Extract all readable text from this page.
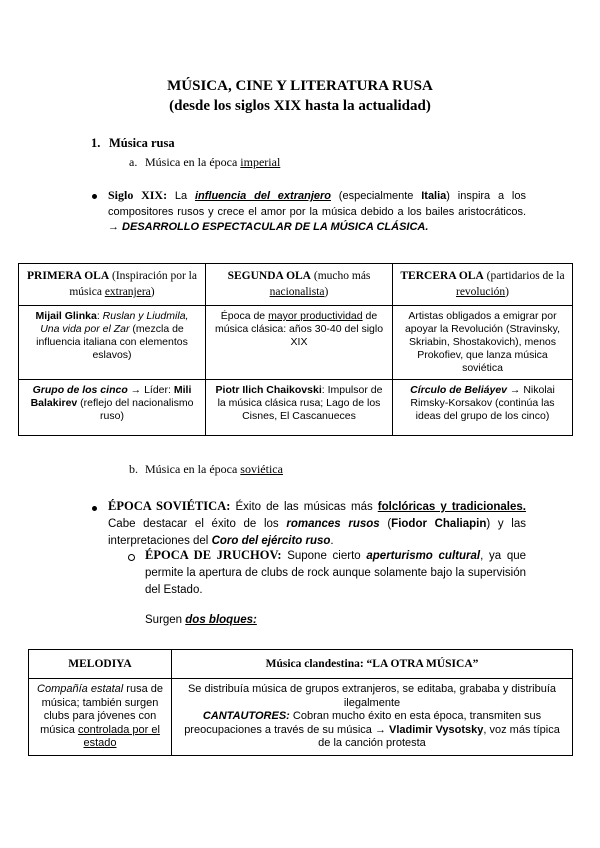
MÚSICA, CINE Y LITERATURA RUSA
(desde los siglos XIX hasta la actualidad)
1. Música rusa
a. Música en la época imperial
Siglo XIX: La influencia del extranjero (especialmente Italia) inspira a los compositores rusos y crece el amor por la música debido a los bailes aristocráticos.
→ DESARROLLO ESPECTACULAR DE LA MÚSICA CLÁSICA.
PRIMERA OLA (Inspiración por la música extranjera)	SEGUNDA OLA (mucho más nacionalista)	TERCERA OLA (partidarios de la revolución)
Mijail Glinka: Ruslan y Liudmila, Una vida por el Zar (mezcla de influencia italiana con elementos eslavos)	Época de mayor productividad de música clásica: años 30-40 del siglo XIX	Artistas obligados a emigrar por apoyar la Revolución (Stravinsky, Skriabin, Shostakovich), menos Prokofiev, que lanza música soviética
Grupo de los cinco → Líder: Mili Balakirev (reflejo del nacionalismo ruso)	Piotr Ilich Chaikovski: Impulsor de la música clásica rusa; Lago de los Cisnes, El Cascanueces	Círculo de Beliáyev → Nikolai Rimsky-Korsakov (continúa las ideas del grupo de los cinco)
b. Música en la época soviética
ÉPOCA SOVIÉTICA: Éxito de las músicas más folclóricas y tradicionales. Cabe destacar el éxito de los romances rusos (Fiodor Chaliapin) y las interpretaciones del Coro del ejército ruso.
ÉPOCA DE JRUCHOV: Supone cierto aperturismo cultural, ya que permite la apertura de clubs de rock aunque solamente bajo la supervisión del Estado.
Surgen dos bloques:
MELODIYA	Música clandestina: “LA OTRA MÚSICA”
Compañía estatal rusa de música; también surgen clubs para jóvenes con música controlada por el estado	Se distribuía música de grupos extranjeros, se editaba, grababa y distribuía ilegalmente
CANTAUTORES: Cobran mucho éxito en esta época, transmiten sus preocupaciones a través de su música → Vladimir Vysotsky, voz más típica de la canción protesta
